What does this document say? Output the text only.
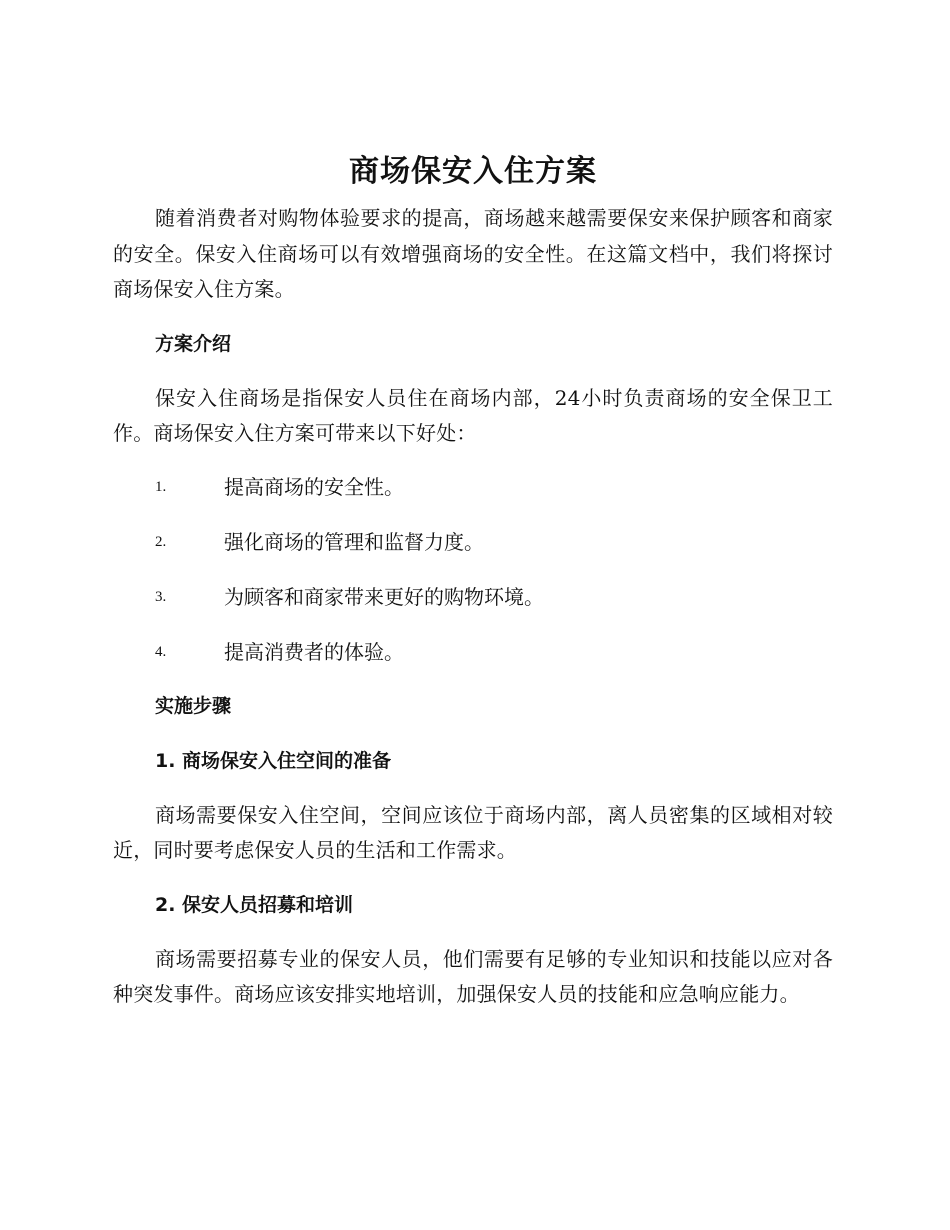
商场保安入住方案

随着消费者对购物体验要求的提高，商场越来越需要保安来保护顾客和商家的安全。保安入住商场可以有效增强商场的安全性。在这篇文档中，我们将探讨商场保安入住方案。

方案介绍

保安入住商场是指保安人员住在商场内部，24小时负责商场的安全保卫工作。商场保安入住方案可带来以下好处：

1.	提高商场的安全性。
2.	强化商场的管理和监督力度。
3.	为顾客和商家带来更好的购物环境。
4.	提高消费者的体验。
实施步骤
1. 商场保安入住空间的准备

商场需要保安入住空间，空间应该位于商场内部，离人员密集的区域相对较近，同时要考虑保安人员的生活和工作需求。

2. 保安人员招募和培训

商场需要招募专业的保安人员，他们需要有足够的专业知识和技能以应对各种突发事件。商场应该安排实地培训，加强保安人员的技能和应急响应能力。
